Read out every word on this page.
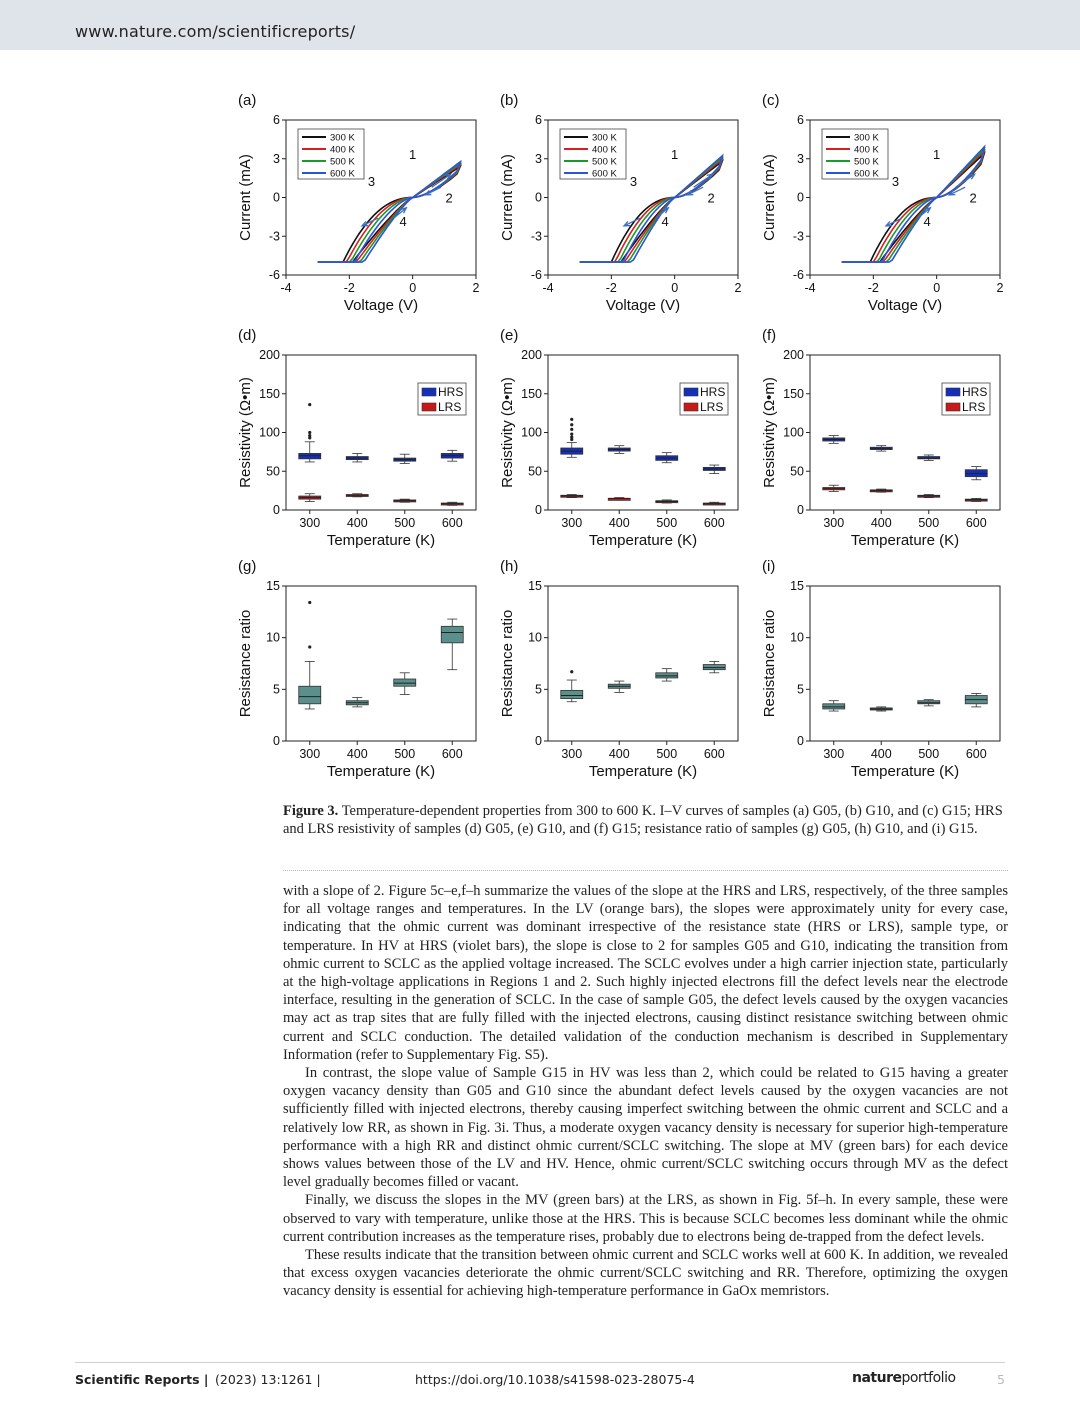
www.nature.com/scientificreports/
(a)
6
3
0
-3
-6
-4	-2	0	2
Voltage (V)
Current (mA)	1
2
3
4
300 K
400 K
500 K
600 K
(b)
6
3
0
-3
-6
-4	-2	0	2
Voltage (V)
Current (mA)	1
2
3
4
300 K
400 K
500 K
600 K
(c)
6
3
0
-3
-6
-4	-2	0	2
Voltage (V)
Current (mA)	1
2
3
4
300 K
400 K
500 K
600 K
(d)
200
150
100
50
0
300 400 500 600
Temperature (K)
Resistivity (Ω•m)	HRS
LRS
(e)
200
150
100
50
0
300 400 500 600
Temperature (K)
Resistivity (Ω•m)	HRS
LRS
(f)
200
150
100
50
0
300 400 500 600
Temperature (K)
Resistivity (Ω•m)	HRS
LRS
(g)
15
10
5
0
300 400 500 600
Temperature (K)
Resistance ratio
(h)
15
10
5
0
300 400 500 600
Temperature (K)
Resistance ratio
(i)
15
10
5
0
300 400 500 600
Temperature (K)
Resistance ratio
Figure 3. Temperature-dependent properties from 300 to 600 K. I–V curves of samples (a) G05, (b) G10, and (c) G15; HRS and LRS resistivity of samples (d) G05, (e) G10, and (f) G15; resistance ratio of samples (g) G05, (h) G10, and (i) G15.

with a slope of 2. Figure 5c–e,f–h summarize the values of the slope at the HRS and LRS, respectively, of the three samples for all voltage ranges and temperatures. In the LV (orange bars), the slopes were approximately unity for every case, indicating that the ohmic current was dominant irrespective of the resistance state (HRS or LRS), sample type, or temperature. In HV at HRS (violet bars), the slope is close to 2 for samples G05 and G10, indicating the transition from ohmic current to SCLC as the applied voltage increased. The SCLC evolves under a high carrier injection state, particularly at the high-voltage applications in Regions 1 and 2. Such highly injected electrons fill the defect levels near the electrode interface, resulting in the generation of SCLC. In the case of sample G05, the defect levels caused by the oxygen vacancies may act as trap sites that are fully filled with the injected electrons, causing distinct resistance switching between ohmic current and SCLC conduction. The detailed validation of the conduction mechanism is described in Supplementary Information (refer to Supplementary Fig. S5).

In contrast, the slope value of Sample G15 in HV was less than 2, which could be related to G15 having a greater oxygen vacancy density than G05 and G10 since the abundant defect levels caused by the oxygen vacancies are not sufficiently filled with injected electrons, thereby causing imperfect switching between the ohmic current and SCLC and a relatively low RR, as shown in Fig. 3i. Thus, a moderate oxygen vacancy density is necessary for superior high-temperature performance with a high RR and distinct ohmic current/SCLC switching. The slope at MV (green bars) for each device shows values between those of the LV and HV. Hence, ohmic current/SCLC switching occurs through MV as the defect level gradually becomes filled or vacant.

Finally, we discuss the slopes in the MV (green bars) at the LRS, as shown in Fig. 5f–h. In every sample, these were observed to vary with temperature, unlike those at the HRS. This is because SCLC becomes less dominant while the ohmic current contribution increases as the temperature rises, probably due to electrons being de-trapped from the defect levels.

These results indicate that the transition between ohmic current and SCLC works well at 600 K. In addition, we revealed that excess oxygen vacancies deteriorate the ohmic current/SCLC switching and RR. Therefore, optimizing the oxygen vacancy density is essential for achieving high-temperature performance in GaOx memristors.

Scientific Reports | (2023) 13:1261 |	https://doi.org/10.1038/s41598-023-28075-4	natureportfolio	5
